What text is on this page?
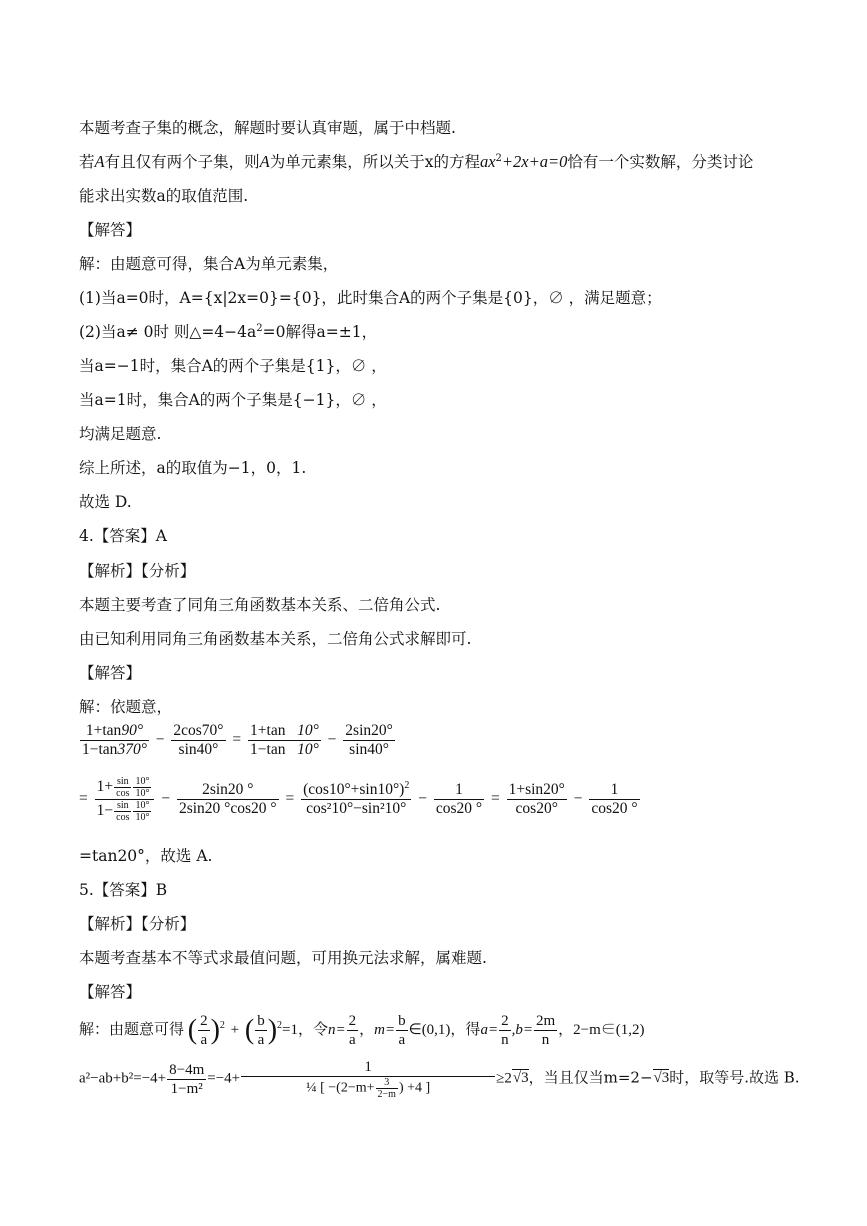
本题考查子集的概念，解题时要认真审题，属于中档题.
若A有且仅有两个子集，则A为单元素集，所以关于x的方程$ax^2+2x+a=0$恰有一个实数解，分类讨论
能求出实数a的取值范围.
【解答】
解：由题意可得，集合A为单元素集，
(1)当a=0时，A={x|2x=0}={0}，此时集合A的两个子集是{0}，∅ ，满足题意；
(2)当a≠ 0时 则$\triangle=4-4a^2=0$解得a=±1，
当a=−1时，集合A的两个子集是{1}，∅ ，
当a=1时，集合A的两个子集是{−1}，∅ ，
均满足题意.
综上所述，a的取值为−1，0，1.
故选 D.
4.【答案】A
【解析】【分析】
本题主要考查了同角三角函数基本关系、二倍角公式.
由已知利用同角三角函数基本关系，二倍角公式求解即可.
【解答】
解：依题意，
$\frac{1+\tan 90^\circ}{1-\tan 370^\circ} - \frac{2\cos 70^\circ}{\sin 40^\circ} = \frac{1+\tan 10^\circ}{1-\tan 10^\circ} - \frac{2\sin 20^\circ}{\sin 40^\circ}$
= $\frac{1+ \frac{\sin}{\cos} \frac{10^\circ}{10^\circ}}{1- \frac{\sin}{\cos} \frac{10^\circ}{10^\circ}} - \frac{2\sin 20 ^\circ}{2\sin 20 ^\circ\cos 20 ^\circ} = \frac{(\cos 10^\circ+\sin 10^\circ)^2}{\text{cos²10°−sin²10°}} - \frac{1}{\cos 20 ^\circ} = \frac{1+\sin 20^\circ}{\cos 20^\circ} - \frac{1}{\cos 20 ^\circ}$
=tan20°，故选 A.
5.【答案】B
【解析】【分析】
本题考查基本不等式求最值问题，可用换元法求解，属难题.
【解答】
解：由题意可得 ( $\frac{2}{a} )^2$ + ( $\frac{b}{a} )^2=1$，令$n= \frac{2}{a}$ ，$m= \frac{b}{a}$ ∈(0,1)，得$a= \frac{2}{n} ,b= \frac{2m}{n}$ ，2−m∈(1,2)
$a^2-ab+b^2=-4+ \frac{8-4m}{\text{1−m²}} =-4+ \frac{1}{\frac{1}{4} [ -(2-m+ \frac{3}{2-m} ) +4 ]} \ge 2√3$，当且仅当m=2−√3时，取等号.故选 B.
